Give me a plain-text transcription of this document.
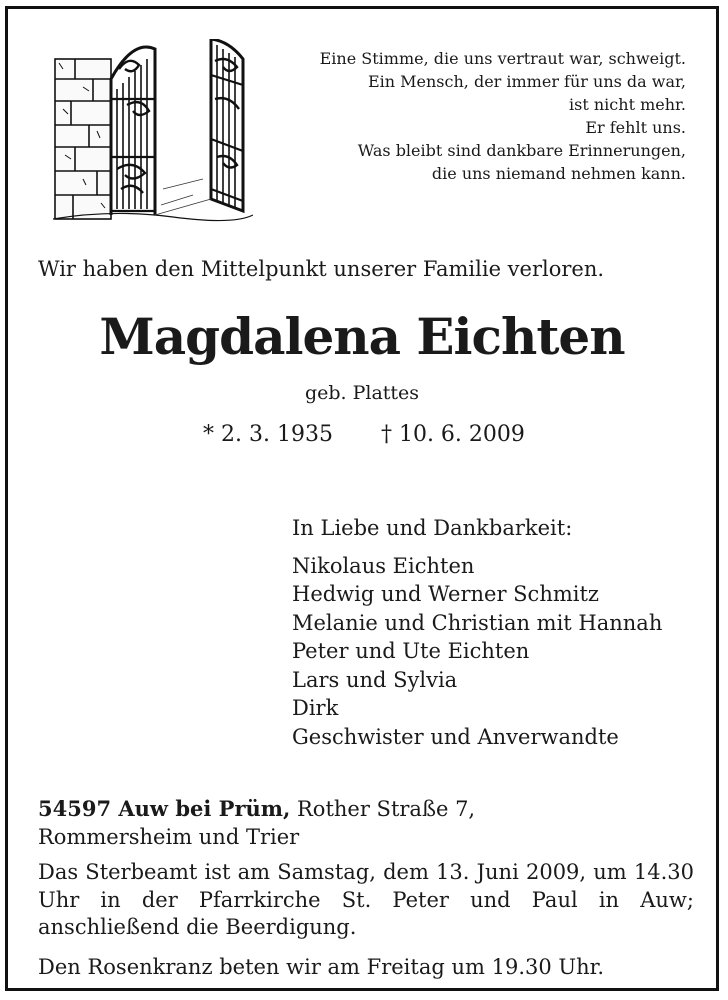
Eine Stimme, die uns vertraut war, schweigt.
Ein Mensch, der immer für uns da war,
ist nicht mehr.
Er fehlt uns.
Was bleibt sind dankbare Erinnerungen,
die uns niemand nehmen kann.
Wir haben den Mittelpunkt unserer Familie verloren.
Magdalena Eichten
geb. Plattes
* 2. 3. 1935 † 10. 6. 2009
In Liebe und Dankbarkeit:
Nikolaus Eichten
Hedwig und Werner Schmitz
Melanie und Christian mit Hannah
Peter und Ute Eichten
Lars und Sylvia
Dirk
Geschwister und Anverwandte
54597 Auw bei Prüm, Rother Straße 7,
Rommersheim und Trier
Das Sterbeamt ist am Samstag, dem 13. Juni 2009, um 14.30 Uhr in der Pfarrkirche St. Peter und Paul in Auw; anschließend die Beerdigung.
Den Rosenkranz beten wir am Freitag um 19.30 Uhr.
